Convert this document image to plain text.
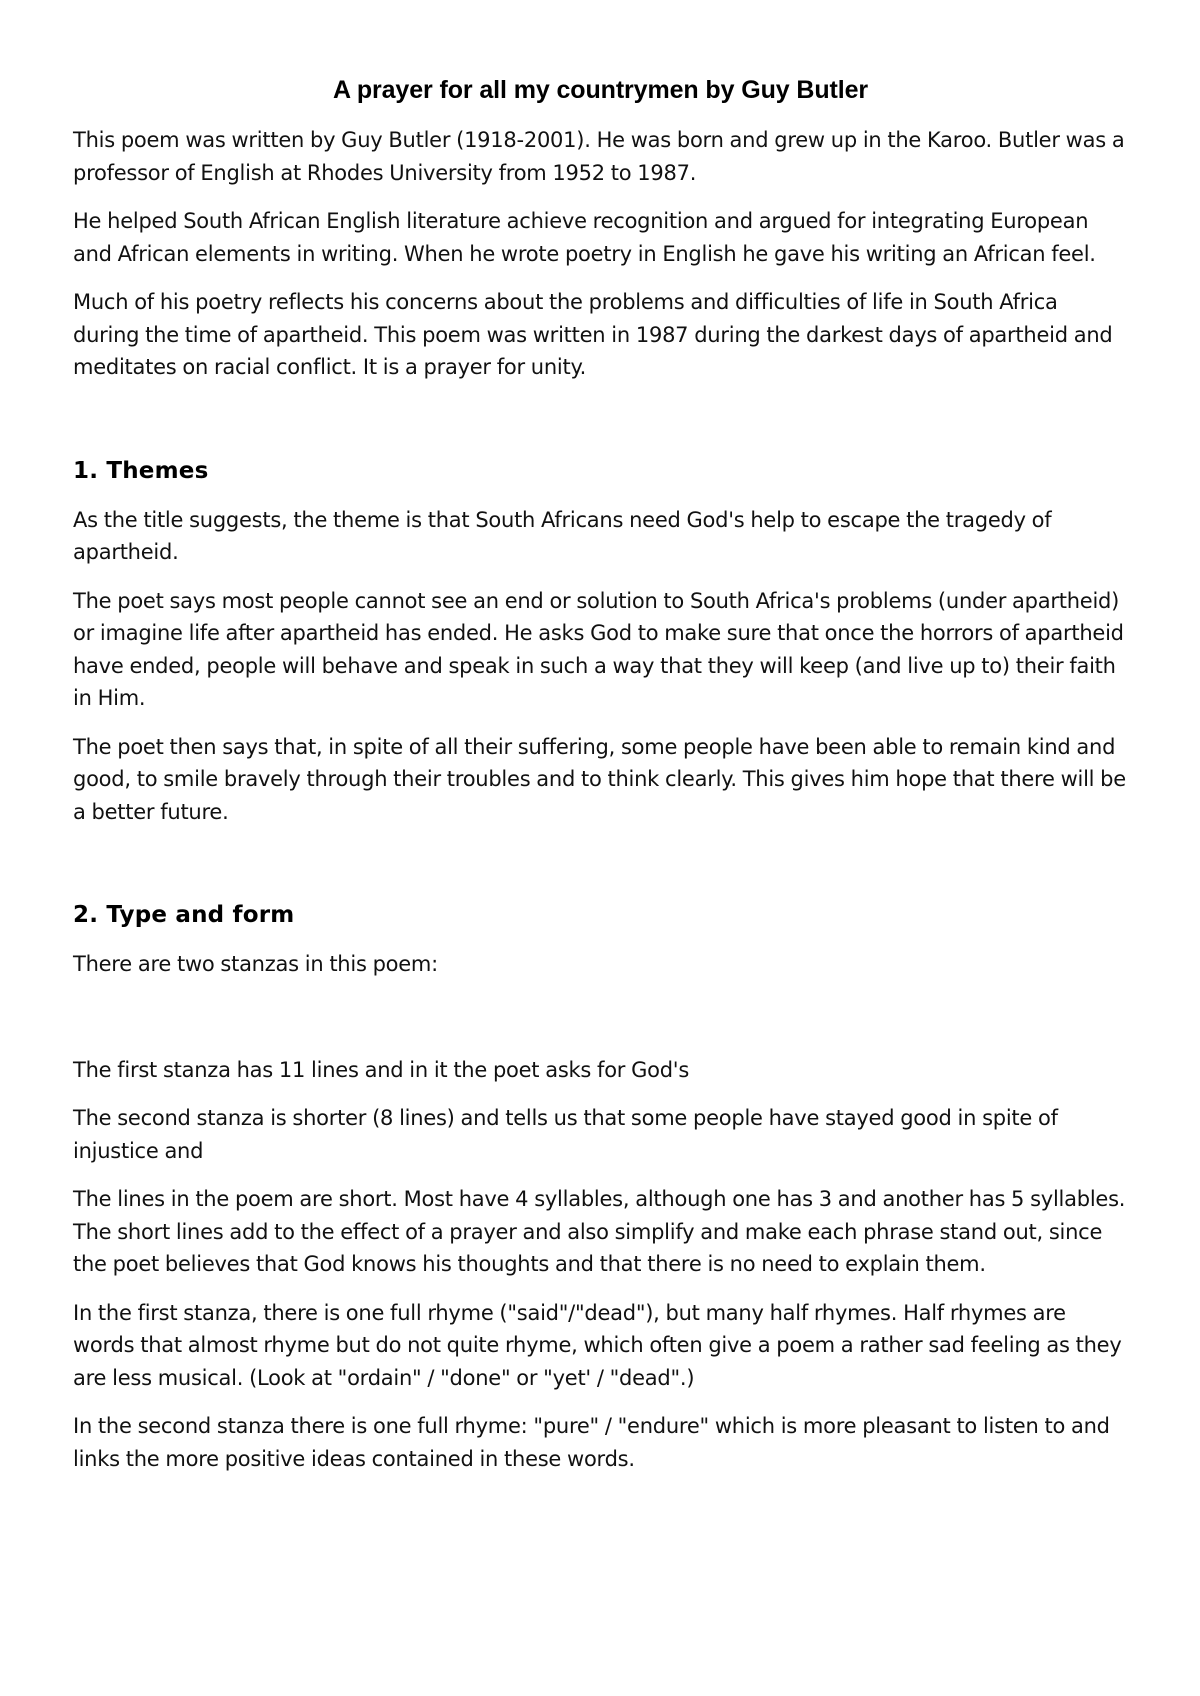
A prayer for all my countrymen by Guy Butler

This poem was written by Guy Butler (1918-2001). He was born and grew up in the Karoo. Butler was a professor of English at Rhodes University from 1952 to 1987.

He helped South African English literature achieve recognition and argued for integrating European and African elements in writing. When he wrote poetry in English he gave his writing an African feel.

Much of his poetry reflects his concerns about the problems and difficulties of life in South Africa during the time of apartheid. This poem was written in 1987 during the darkest days of apartheid and meditates on racial conflict. It is a prayer for unity.

1. Themes

As the title suggests, the theme is that South Africans need God's help to escape the tragedy of apartheid.

The poet says most people cannot see an end or solution to South Africa's problems (under apartheid) or imagine life after apartheid has ended. He asks God to make sure that once the horrors of apartheid have ended, people will behave and speak in such a way that they will keep (and live up to) their faith in Him.

The poet then says that, in spite of all their suffering, some people have been able to remain kind and good, to smile bravely through their troubles and to think clearly. This gives him hope that there will be a better future.

2. Type and form

There are two stanzas in this poem:

The first stanza has 11 lines and in it the poet asks for God's

The second stanza is shorter (8 lines) and tells us that some people have stayed good in spite of injustice and

The lines in the poem are short. Most have 4 syllables, although one has 3 and another has 5 syllables. The short lines add to the effect of a prayer and also simplify and make each phrase stand out, since the poet believes that God knows his thoughts and that there is no need to explain them.

In the first stanza, there is one full rhyme ("said"/"dead"), but many half rhymes. Half rhymes are words that almost rhyme but do not quite rhyme, which often give a poem a rather sad feeling as they are less musical. (Look at "ordain" / "done" or "yet' / "dead".)

In the second stanza there is one full rhyme: "pure" / "endure" which is more pleasant to listen to and links the more positive ideas contained in these words.
